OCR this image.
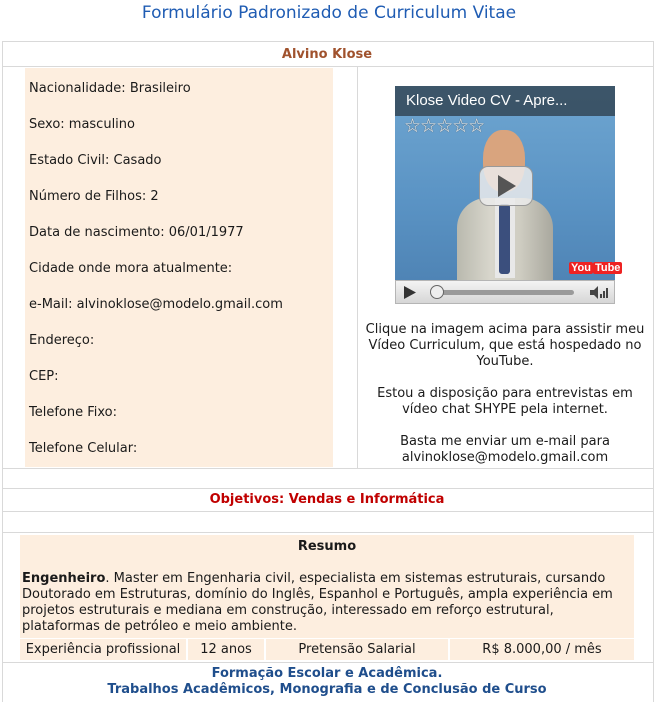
Formulário Padronizado de Curriculum Vitae
Alvino Klose
Nacionalidade: Brasileiro
Sexo: masculino
Estado Civil: Casado
Número de Filhos: 2
Data de nascimento: 06/01/1977
Cidade onde mora atualmente:
e-Mail: alvinoklose@modelo.gmail.com
Endereço:
CEP:
Telefone Fixo:
Telefone Celular:
Klose Video CV - Apre...
☆☆☆☆☆
You Tube
Clique na imagem acima para assistir meu
Vídeo Curriculum, que está hospedado no
YouTube.
Estou a disposição para entrevistas em
vídeo chat SHYPE pela internet.
Basta me enviar um e-mail para
alvinoklose@modelo.gmail.com
Objetivos: Vendas e Informática
Resumo
Engenheiro. Master em Engenharia civil, especialista em sistemas estruturais, cursando
Doutorado em Estruturas, domínio do Inglês, Espanhol e Português, ampla experiência em
projetos estruturais e mediana em construção, interessado em reforço estrutural,
plataformas de petróleo e meio ambiente.
Experiência profissional	12 anos	Pretensão Salarial	R$ 8.000,00 / mês
Formação Escolar e Acadêmica.
Trabalhos Acadêmicos, Monografia e de Conclusão de Curso
